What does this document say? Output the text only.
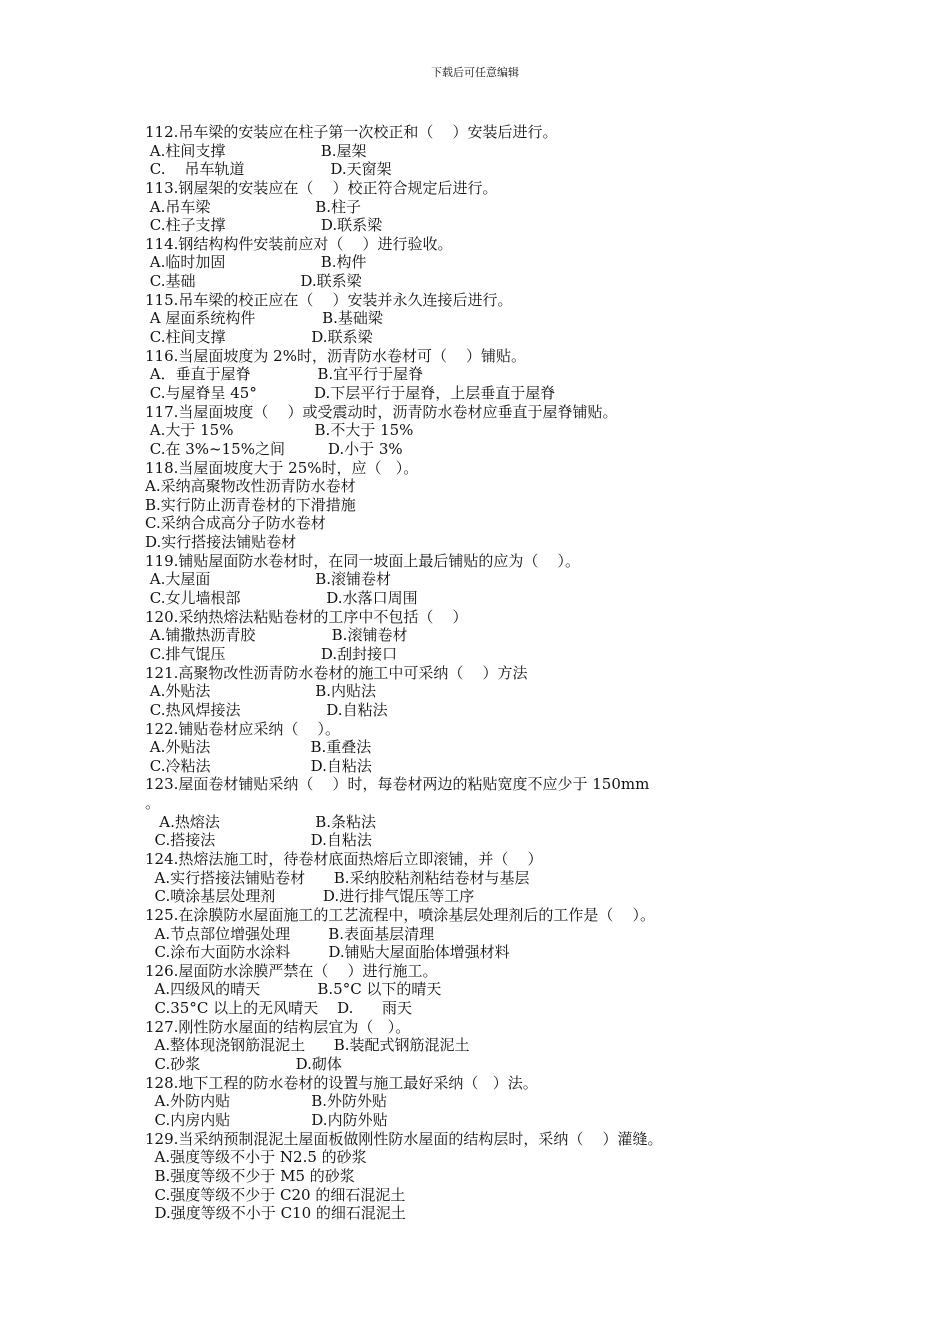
下载后可任意编辑
112.吊车梁的安装应在柱子第一次校正和（    ）安装后进行。
A.柱间支撑                    B.屋架
C.    吊车轨道                  D.天窗架
113.钢屋架的安装应在（    ）校正符合规定后进行。
A.吊车梁                      B.柱子
C.柱子支撑                    D.联系梁
114.钢结构构件安装前应对（    ）进行验收。
A.临时加固                    B.构件
C.基础                      D.联系梁
115.吊车梁的校正应在（    ）安装并永久连接后进行。
A 屋面系统构件              B.基础梁
C.柱间支撑                  D.联系梁
116.当屋面坡度为 2%时，沥青防水卷材可（    ）铺贴。
A．垂直于屋脊              B.宜平行于屋脊
C.与屋脊呈 45°            D.下层平行于屋脊，上层垂直于屋脊
117.当屋面坡度（    ）或受震动时，沥青防水卷材应垂直于屋脊铺贴。
A.大于 15%                 B.不大于 15%
C.在 3%~15%之间         D.小于 3%
118.当屋面坡度大于 25%时，应（   ）。
A.采纳高聚物改性沥青防水卷材
B.实行防止沥青卷材的下滑措施
C.采纳合成高分子防水卷材
D.实行搭接法铺贴卷材
119.铺贴屋面防水卷材时，在同一坡面上最后铺贴的应为（    ）。
A.大屋面                      B.滚铺卷材
C.女儿墙根部                  D.水落口周围
120.采纳热熔法粘贴卷材的工序中不包括（    ）
A.铺撒热沥青胶                B.滚铺卷材
C.排气馄压                    D.刮封接口
121.高聚物改性沥青防水卷材的施工中可采纳（    ）方法
A.外贴法                      B.内贴法
C.热风焊接法                  D.自粘法
122.铺贴卷材应采纳（    ）。
A.外贴法                     B.重叠法
C.冷粘法                     D.自粘法
123.屋面卷材铺贴采纳（    ）时，每卷材两边的粘贴宽度不应少于 150mm
。
A.热熔法                    B.条粘法
C.搭接法                    D.自粘法
124.热熔法施工时，待卷材底面热熔后立即滚铺，并（    ）
A.实行搭接法铺贴卷材      B.采纳胶粘剂粘结卷材与基层
C.喷涂基层处理剂          D.进行排气馄压等工序
125.在涂膜防水屋面施工的工艺流程中，喷涂基层处理剂后的工作是（    ）。
A.节点部位增强处理        B.表面基层清理
C.涂布大面防水涂料        D.铺贴大屋面胎体增强材料
126.屋面防水涂膜严禁在（    ）进行施工。
A.四级风的晴天            B.5°C 以下的晴天
C.35°C 以上的无风晴天    D.      雨天
127.刚性防水屋面的结构层宜为（   ）。
A.整体现浇钢筋混泥土      B.装配式钢筋混泥土
C.砂浆                    D.砌体
128.地下工程的防水卷材的设置与施工最好采纳（   ）法。
A.外防内贴                 B.外防外贴
C.内房内贴                 D.内防外贴
129.当采纳预制混泥土屋面板做刚性防水屋面的结构层时，采纳（    ）灌缝。
A.强度等级不小于 N2.5 的砂浆
B.强度等级不少于 M5 的砂浆
C.强度等级不少于 C20 的细石混泥土
D.强度等级不小于 C10 的细石混泥土
